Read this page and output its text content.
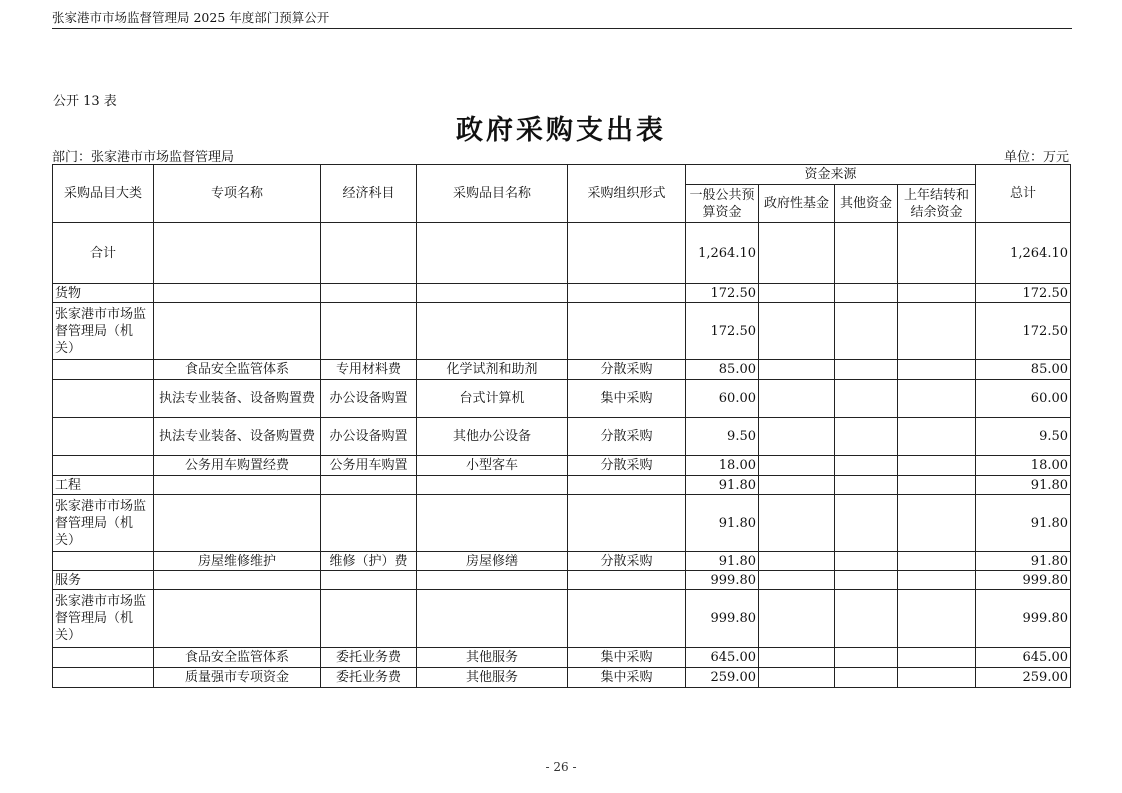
张家港市市场监督管理局 2025 年度部门预算公开
公开 13 表
政府采购支出表
部门：张家港市市场监督管理局	单位：万元
采购品目大类	专项名称	经济科目	采购品目名称	采购组织形式	资金来源				总计
					一般公共预算资金	政府性基金	其他资金	上年结转和结余资金	
合计					1,264.10				1,264.10
货物					172.50				172.50
张家港市市场监督管理局（机关）					172.50				172.50
	食品安全监管体系	专用材料费	化学试剂和助剂	分散采购	85.00				85.00
	执法专业装备、设备购置费	办公设备购置	台式计算机	集中采购	60.00				60.00
	执法专业装备、设备购置费	办公设备购置	其他办公设备	分散采购	9.50				9.50
	公务用车购置经费	公务用车购置	小型客车	分散采购	18.00				18.00
工程					91.80				91.80
张家港市市场监督管理局（机关）					91.80				91.80
	房屋维修维护	维修（护）费	房屋修缮	分散采购	91.80				91.80
服务					999.80				999.80
张家港市市场监督管理局（机关）					999.80				999.80
	食品安全监管体系	委托业务费	其他服务	集中采购	645.00				645.00
	质量强市专项资金	委托业务费	其他服务	集中采购	259.00				259.00
- 26 -
